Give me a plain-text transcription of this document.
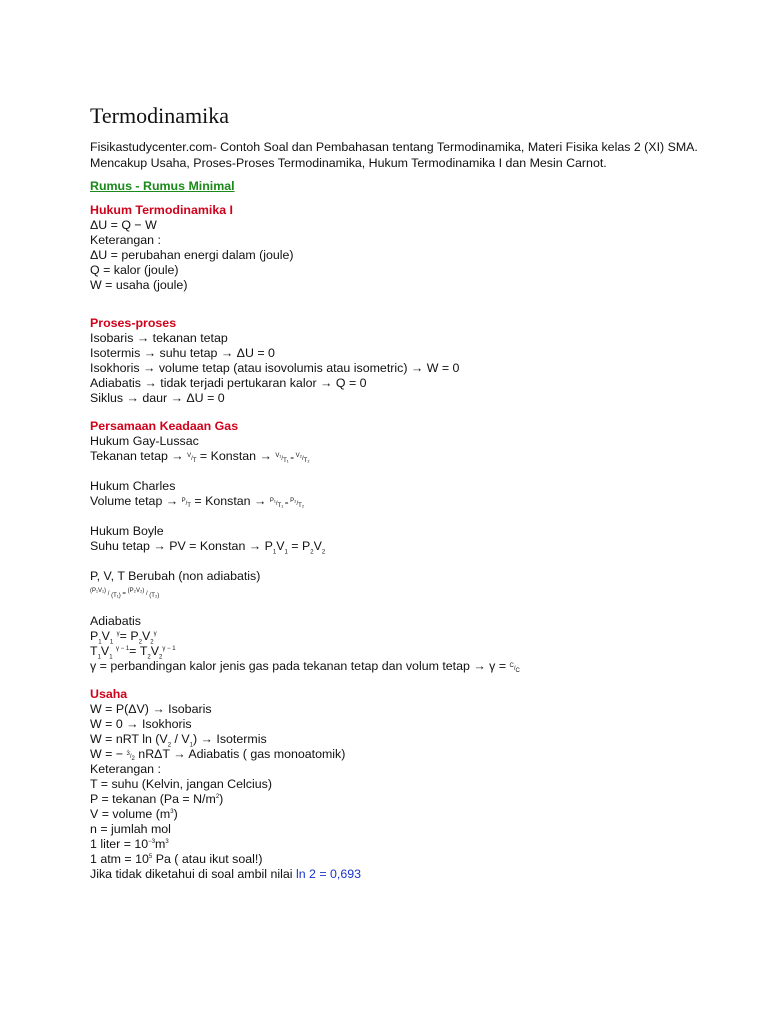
Termodinamika
Fisikastudycenter.com- Contoh Soal dan Pembahasan tentang Termodinamika, Materi Fisika kelas 2 (XI) SMA. Mencakup Usaha, Proses-Proses Termodinamika, Hukum Termodinamika I dan Mesin Carnot.
Rumus - Rumus Minimal
Hukum Termodinamika I
ΔU = Q − W
Keterangan :
ΔU = perubahan energi dalam (joule)
Q = kalor (joule)
W = usaha (joule)
Proses-proses
Isobaris → tekanan tetap
Isotermis → suhu tetap → ΔU = 0
Isokhoris → volume tetap (atau isovolumis atau isometric) → W = 0
Adiabatis → tidak terjadi pertukaran kalor → Q = 0
Siklus → daur → ΔU = 0
Persamaan Keadaan Gas
Hukum Gay-Lussac
Tekanan tetap → $^V/_T$ = Konstan → $^{V_1}/_{T_1} = ^{V_2}/_{T_2}$
Hukum Charles
Volume tetap → $^P/_T$ = Konstan → $^{P_1}/_{T_1} = ^{P_2}/_{T_2}$
Hukum Boyle
Suhu tetap → PV = Konstan → $P_1V_1 = P_2V_2$
P, V, T Berubah (non adiabatis)
$^{(P_1V_1)}$ / $_{(T_1)}$ = $^{(P_2V_2)}$ / $_{(T_2)}$
Adiabatis
$P_1V_1$ $^\gamma= P_2V_2^\gamma$
$T_1V_1$ $^{\gamma - 1}= T_2V_2^{\gamma - 1}$
γ = perbandingan kalor jenis gas pada tekanan tetap dan volum tetap → $\gamma = ^C/_C$
Usaha
W = P(ΔV) → Isobaris
W = 0 → Isokhoris
W = nRT $\ln (V_2 / V_1)$ → Isotermis
W = − $^3/_2$ nRΔT → Adiabatis ( gas monoatomik)
Keterangan :
T = suhu (Kelvin, jangan Celcius)
P = tekanan $(Pa = N/m^2)$
V = volume $(m^3)$
n = jumlah mol
1 liter = $10^{-3}m^3$
1 atm = $10^5$ Pa ( atau ikut soal!)
Jika tidak diketahui di soal ambil nilai ln 2 = 0,693
